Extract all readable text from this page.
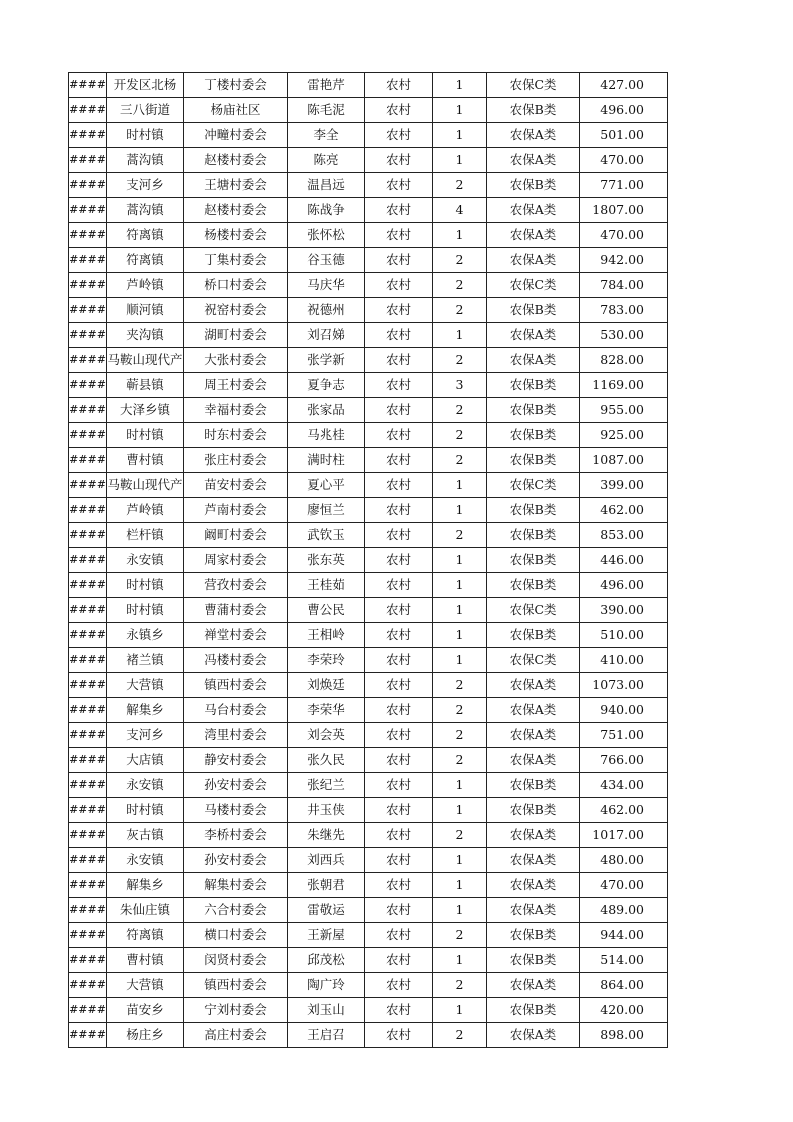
####	开发区北杨	丁楼村委会	雷艳芹	农村	1	农保C类	427.00
####	三八街道	杨庙社区	陈毛泥	农村	1	农保B类	496.00
####	时村镇	冲疃村委会	李全	农村	1	农保A类	501.00
####	蒿沟镇	赵楼村委会	陈亮	农村	1	农保A类	470.00
####	支河乡	王塘村委会	温昌远	农村	2	农保B类	771.00
####	蒿沟镇	赵楼村委会	陈战争	农村	4	农保A类	1807.00
####	符离镇	杨楼村委会	张怀松	农村	1	农保A类	470.00
####	符离镇	丁集村委会	谷玉德	农村	2	农保A类	942.00
####	芦岭镇	桥口村委会	马庆华	农村	2	农保C类	784.00
####	顺河镇	祝窑村委会	祝德州	农村	2	农保B类	783.00
####	夹沟镇	湖町村委会	刘召娣	农村	1	农保A类	530.00
####	马鞍山现代产	大张村委会	张学新	农村	2	农保A类	828.00
####	蕲县镇	周王村委会	夏争志	农村	3	农保B类	1169.00
####	大泽乡镇	幸福村委会	张家品	农村	2	农保B类	955.00
####	时村镇	时东村委会	马兆桂	农村	2	农保B类	925.00
####	曹村镇	张庄村委会	满时柱	农村	2	农保B类	1087.00
####	马鞍山现代产	苗安村委会	夏心平	农村	1	农保C类	399.00
####	芦岭镇	芦南村委会	廖恒兰	农村	1	农保B类	462.00
####	栏杆镇	阚町村委会	武钦玉	农村	2	农保B类	853.00
####	永安镇	周家村委会	张东英	农村	1	农保B类	446.00
####	时村镇	营孜村委会	王桂茹	农村	1	农保B类	496.00
####	时村镇	曹蒲村委会	曹公民	农村	1	农保C类	390.00
####	永镇乡	禅堂村委会	王相岭	农村	1	农保B类	510.00
####	褚兰镇	冯楼村委会	李荣玲	农村	1	农保C类	410.00
####	大营镇	镇西村委会	刘焕廷	农村	2	农保A类	1073.00
####	解集乡	马台村委会	李荣华	农村	2	农保A类	940.00
####	支河乡	湾里村委会	刘会英	农村	2	农保A类	751.00
####	大店镇	静安村委会	张久民	农村	2	农保A类	766.00
####	永安镇	孙安村委会	张纪兰	农村	1	农保B类	434.00
####	时村镇	马楼村委会	井玉侠	农村	1	农保B类	462.00
####	灰古镇	李桥村委会	朱继先	农村	2	农保A类	1017.00
####	永安镇	孙安村委会	刘西兵	农村	1	农保A类	480.00
####	解集乡	解集村委会	张朝君	农村	1	农保A类	470.00
####	朱仙庄镇	六合村委会	雷敬运	农村	1	农保A类	489.00
####	符离镇	横口村委会	王新屋	农村	2	农保B类	944.00
####	曹村镇	闵贤村委会	邱茂松	农村	1	农保B类	514.00
####	大营镇	镇西村委会	陶广玲	农村	2	农保A类	864.00
####	苗安乡	宁刘村委会	刘玉山	农村	1	农保B类	420.00
####	杨庄乡	高庄村委会	王启召	农村	2	农保A类	898.00
